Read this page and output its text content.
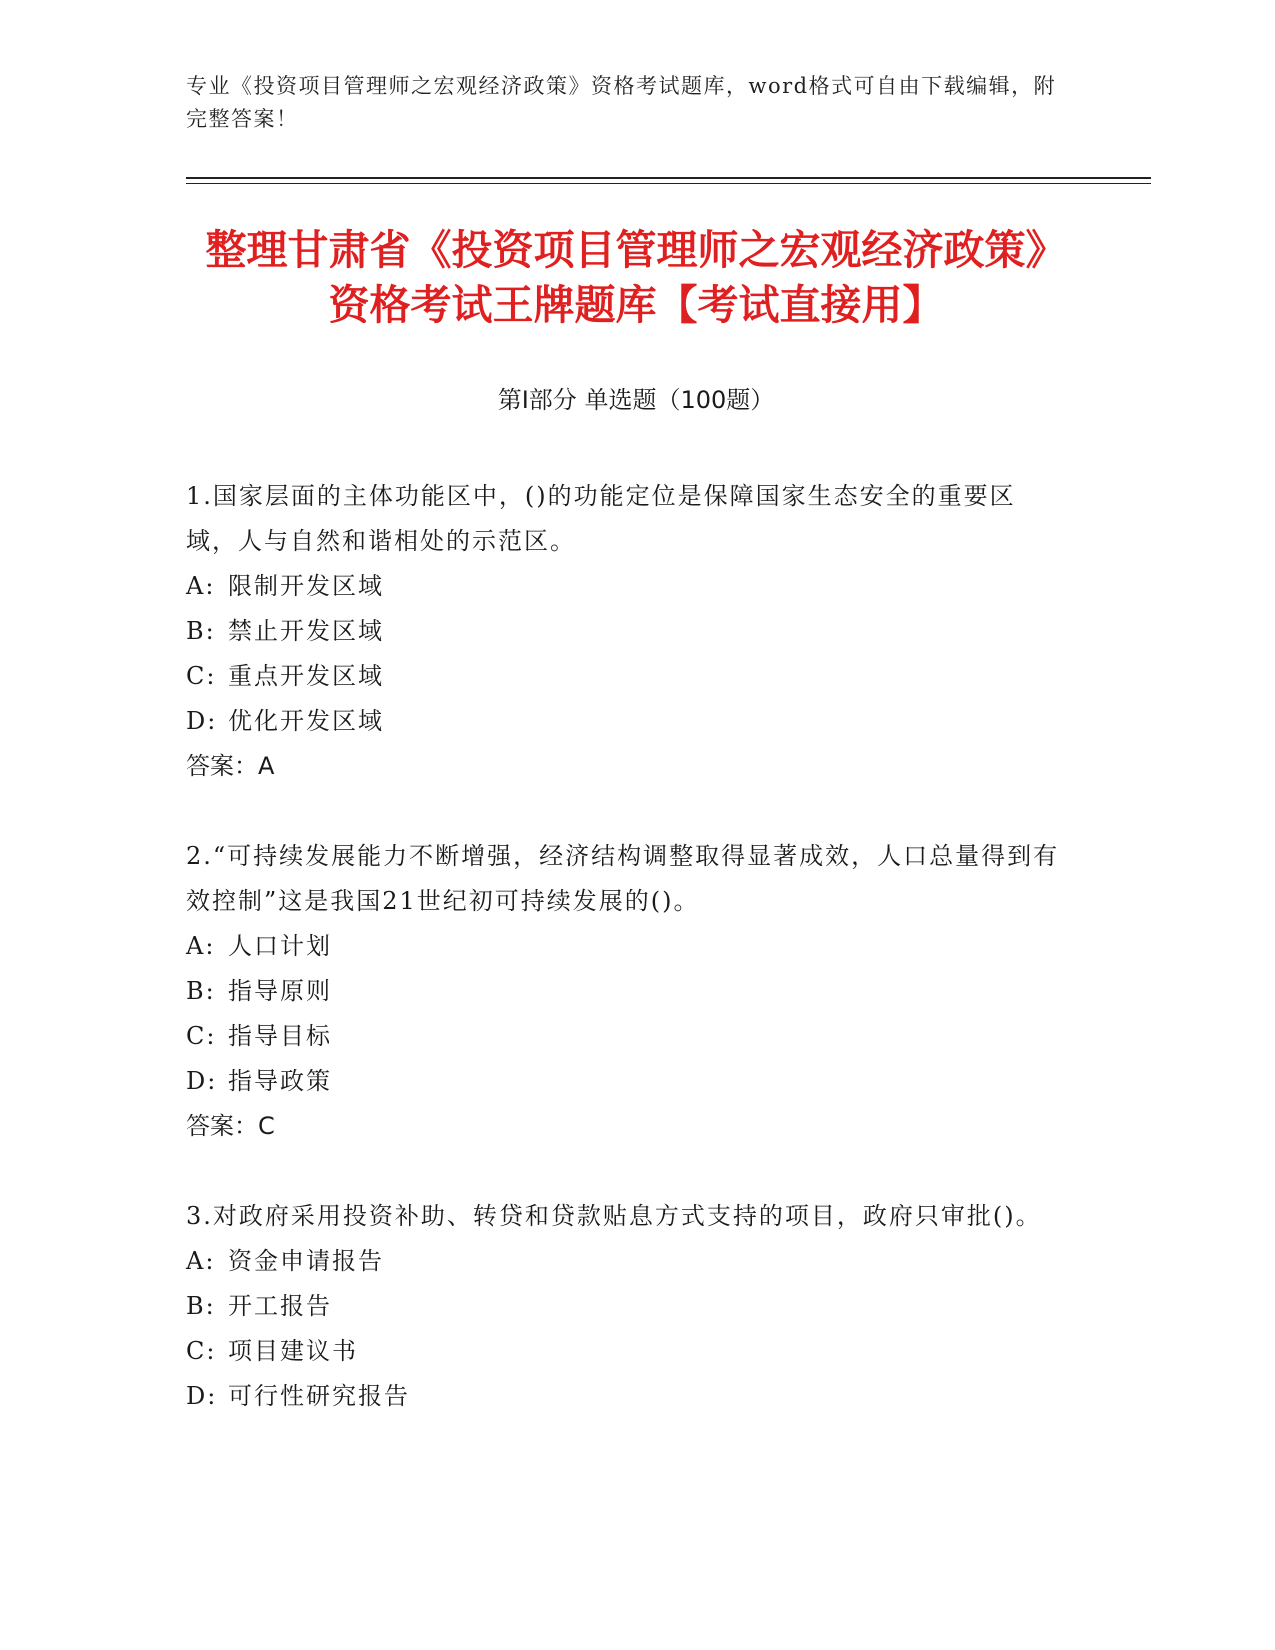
专业《投资项目管理师之宏观经济政策》资格考试题库，word格式可自由下载编辑，附完整答案！
整理甘肃省《投资项目管理师之宏观经济政策》资格考试王牌题库【考试直接用】
第I部分 单选题（100题）
1.国家层面的主体功能区中，()的功能定位是保障国家生态安全的重要区域，人与自然和谐相处的示范区。
A: 限制开发区域
B: 禁止开发区域
C: 重点开发区域
D: 优化开发区域
答案：A
2.“可持续发展能力不断增强，经济结构调整取得显著成效，人口总量得到有效控制”这是我国21世纪初可持续发展的()。
A: 人口计划
B: 指导原则
C: 指导目标
D: 指导政策
答案：C
3.对政府采用投资补助、转贷和贷款贴息方式支持的项目，政府只审批()。
A: 资金申请报告
B: 开工报告
C: 项目建议书
D: 可行性研究报告
